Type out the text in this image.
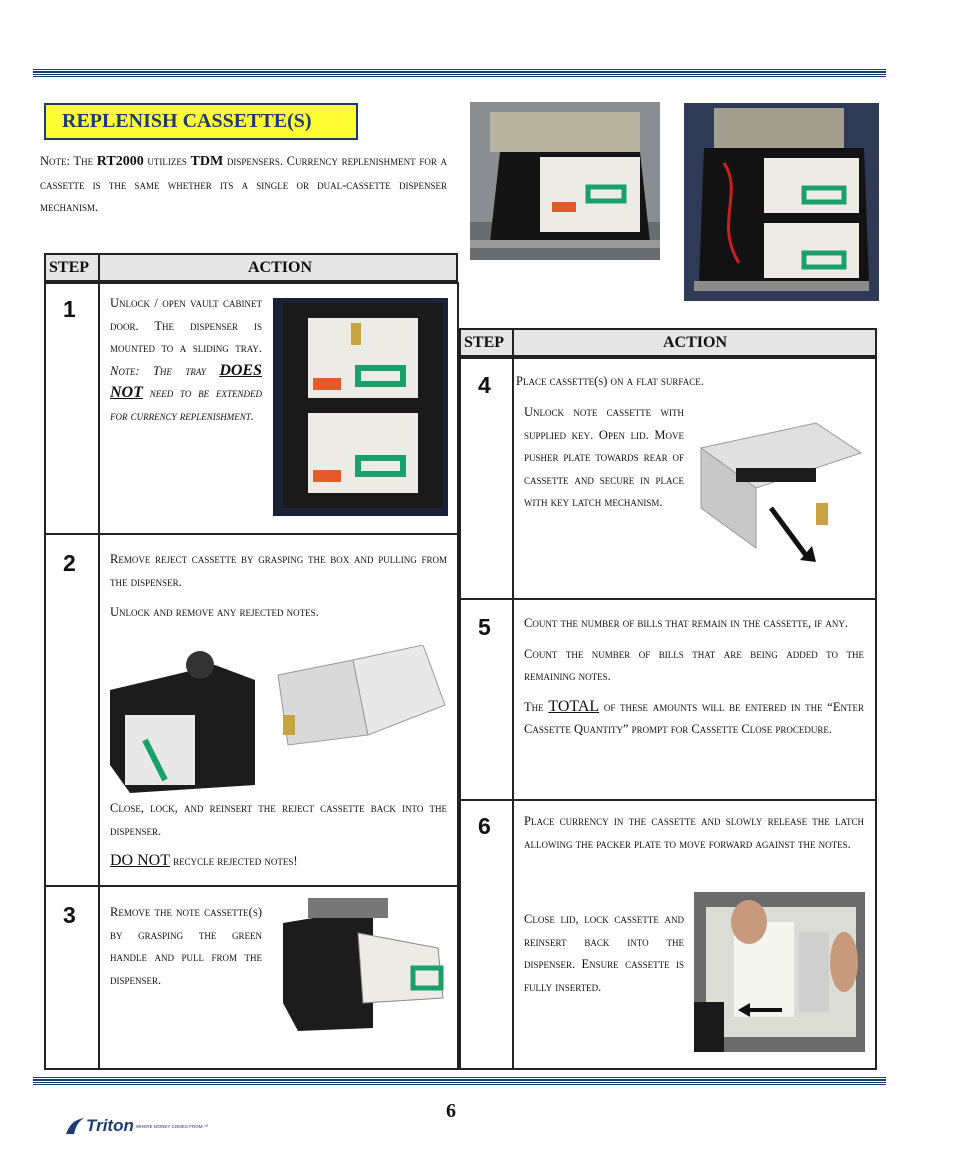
REPLENISH CASSETTE(S)
Note: The RT2000 utilizes TDM dispensers. Currency replenishment for a cassette is the same whether its a single or dual-cassette dispenser mechanism.
STEP	ACTION
1	Unlock / open vault cabinet door. The dispenser is mounted to a sliding tray. Note: The tray DOES NOT need to be extended for currency replenishment.
2	Remove reject cassette by grasping the box and pulling from the dispenser.

Unlock and remove any rejected notes.

Close, lock, and reinsert the reject cassette back into the dispenser.

DO NOT recycle rejected notes!

3	Remove the note cassette(s) by grasping the green handle and pull from the dispenser.

STEP	ACTION
4 Place cassette(s) on a flat surface.

Unlock note cassette with supplied key. Open lid. Move pusher plate towards rear of cassette and secure in place with key latch mechanism.

5	Count the number of bills that remain in the cassette, if any.

Count the number of bills that are being added to the remaining notes.

The TOTAL of these amounts will be entered in the “Enter Cassette Quantity” prompt for Cassette Close procedure.

6	Place currency in the cassette and slowly release the latch allowing the packer plate to move forward against the notes.

Close lid, lock cassette and reinsert back into the dispenser. Ensure cassette is fully inserted.

6
Triton WHERE MONEY COMES FROM.™
